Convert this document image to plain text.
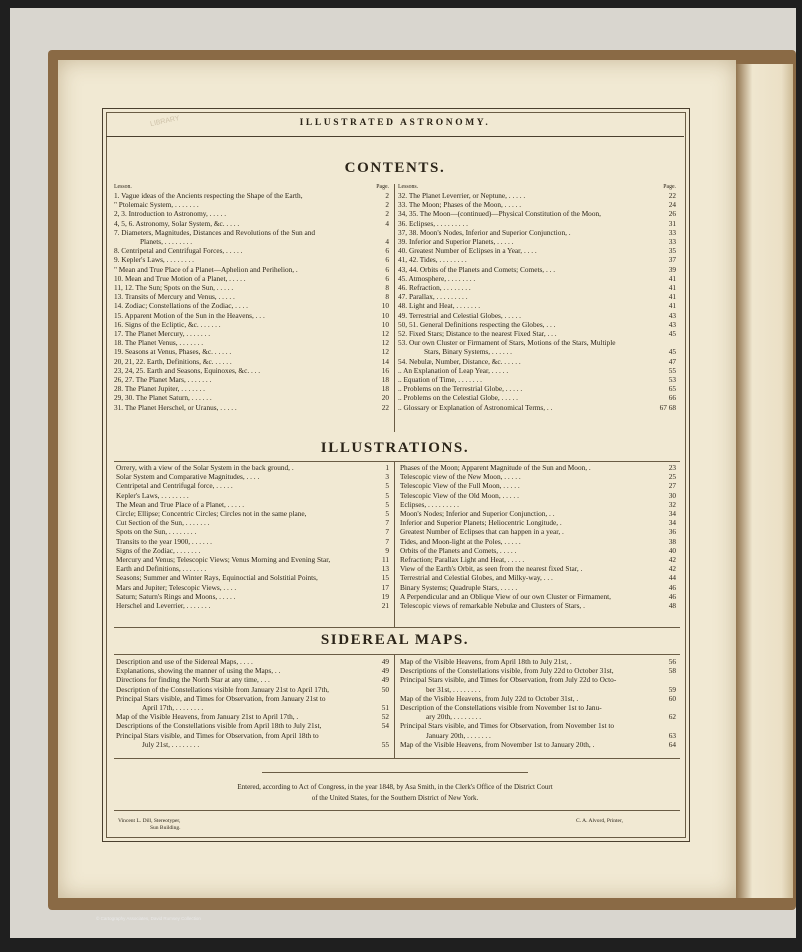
LIBRARY	ILLUSTRATED ASTRONOMY.
CONTENTS.
Lesson.	Page.
1. Vague ideas of the Ancients respecting the Shape of the Earth,	2
" Ptolemaic System, . . . . . . .	2
2, 3. Introduction to Astronomy, . . . . .	2
4, 5, 6. Astronomy, Solar System, &c. . . . .	4
7. Diameters, Magnitudes, Distances and Revolutions of the Sun and
Planets, . . . . . . . .	4
8. Centripetal and Centrifugal Forces, . . . . .	6
9. Kepler's Laws, . . . . . . . .	6
" Mean and True Place of a Planet—Aphelion and Perihelion, .	6
10. Mean and True Motion of a Planet, . . . . .	6
11, 12. The Sun; Spots on the Sun, . . . . .	8
13. Transits of Mercury and Venus, . . . . .	8
14. Zodiac; Constellations of the Zodiac, . . . .	10
15. Apparent Motion of the Sun in the Heavens, . . .	10
16. Signs of the Ecliptic, &c. . . . . . .	10
17. The Planet Mercury, . . . . . . .	12
18. The Planet Venus, . . . . . . .	12
19. Seasons at Venus, Phases, &c. . . . . .	12
20, 21, 22. Earth, Definitions, &c. . . . . .	14
23, 24, 25. Earth and Seasons, Equinoxes, &c. . . .	16
26, 27. The Planet Mars, . . . . . . .	18
28. The Planet Jupiter, . . . . . . .	18
29, 30. The Planet Saturn, . . . . . .	20
31. The Planet Herschel, or Uranus, . . . . .	22
Lessons.	Page.
32. The Planet Leverrier, or Neptune, . . . . .	22
33. The Moon; Phases of the Moon, . . . . .	24
34, 35. The Moon—(continued)—Physical Constitution of the Moon,	26
36. Eclipses, . . . . . . . . .	31
37, 38. Moon's Nodes, Inferior and Superior Conjunction, .	33
39. Inferior and Superior Planets, . . . . .	33
40. Greatest Number of Eclipses in a Year, . . . .	35
41, 42. Tides, . . . . . . . .	37
43, 44. Orbits of the Planets and Comets; Comets, . . .	39
45. Atmosphere, . . . . . . . .	41
46. Refraction, . . . . . . . .	41
47. Parallax, . . . . . . . . .	41
48. Light and Heat, . . . . . . .	41
49. Terrestrial and Celestial Globes, . . . . .	43
50, 51. General Definitions respecting the Globes, . . .	43
52. Fixed Stars; Distance to the nearest Fixed Star, . . .	45
53. Our own Cluster or Firmament of Stars, Motions of the Stars, Multiple
Stars, Binary Systems, . . . . . .	45
54. Nebulæ, Number, Distance, &c. . . . . .	47
.. An Explanation of Leap Year, . . . . .	55
.. Equation of Time, . . . . . . .	53
.. Problems on the Terrestrial Globe, . . . . .	65
.. Problems on the Celestial Globe, . . . . .	66
.. Glossary or Explanation of Astronomical Terms, . .	67 68
ILLUSTRATIONS.
Orrery, with a view of the Solar System in the back ground, .	1
Solar System and Comparative Magnitudes, . . . .	3
Centripetal and Centrifugal force, . . . . .	5
Kepler's Laws, . . . . . . . .	5
The Mean and True Place of a Planet, . . . . .	5
Circle; Ellipse; Concentric Circles; Circles not in the same plane,	5
Cut Section of the Sun, . . . . . . .	7
Spots on the Sun, . . . . . . . .	7
Transits to the year 1900, . . . . . .	7
Signs of the Zodiac, . . . . . . .	9
Mercury and Venus; Telescopic Views; Venus Morning and Evening Star,	11
Earth and Definitions, . . . . . . .	13
Seasons; Summer and Winter Rays, Equinoctial and Solstitial Points,	15
Mars and Jupiter; Telescopic Views, . . . .	17
Saturn; Saturn's Rings and Moons, . . . . .	19
Herschel and Leverrier, . . . . . . .	21
Phases of the Moon; Apparent Magnitude of the Sun and Moon, .	23
Telescopic view of the New Moon, . . . . .	25
Telescopic View of the Full Moon, . . . . .	27
Telescopic View of the Old Moon, . . . . .	30
Eclipses, . . . . . . . . .	32
Moon's Nodes; Inferior and Superior Conjunction, . .	34
Inferior and Superior Planets; Heliocentric Longitude, .	34
Greatest Number of Eclipses that can happen in a year, .	36
Tides, and Moon-light at the Poles, . . . . .	38
Orbits of the Planets and Comets, . . . . .	40
Refraction; Parallax Light and Heat, . . . . .	42
View of the Earth's Orbit, as seen from the nearest fixed Star, .	42
Terrestrial and Celestial Globes, and Milky-way, . . .	44
Binary Systems; Quadruple Stars, . . . . .	46
A Perpendicular and an Oblique View of our own Cluster or Firmament,	46
Telescopic views of remarkable Nebulæ and Clusters of Stars, .	48
SIDEREAL MAPS.
Description and use of the Sidereal Maps, . . . .	49
Explanations, showing the manner of using the Maps, . .	49
Directions for finding the North Star at any time, . . .	49
Description of the Constellations visible from January 21st to April 17th,	50
Principal Stars visible, and Times for Observation, from January 21st to
April 17th, . . . . . . . .	51
Map of the Visible Heavens, from January 21st to April 17th, .	52
Descriptions of the Constellations visible from April 18th to July 21st,	54
Principal Stars visible, and Times for Observation, from April 18th to
July 21st, . . . . . . . .	55
Map of the Visible Heavens, from April 18th to July 21st, .	56
Descriptions of the Constellations visible, from July 22d to October 31st,	58
Principal Stars visible, and Times for Observation, from July 22d to Octo-
ber 31st, . . . . . . . .	59
Map of the Visible Heavens, from July 22d to October 31st, .	60
Description of the Constellations visible from November 1st to Janu-
ary 20th, . . . . . . . .	62
Principal Stars visible, and Times for Observation, from November 1st to
January 20th, . . . . . . .	63
Map of the Visible Heavens, from November 1st to January 20th, .	64
Entered, according to Act of Congress, in the year 1848, by Asa Smith, in the Clerk's Office of the District Court
of the United States, for the Southern District of New York.
Vincent L. Dill, Stereotyper,
Sun Building.
C. A. Alvord, Printer,
© Cartography Associates, David Rumsey Collection
